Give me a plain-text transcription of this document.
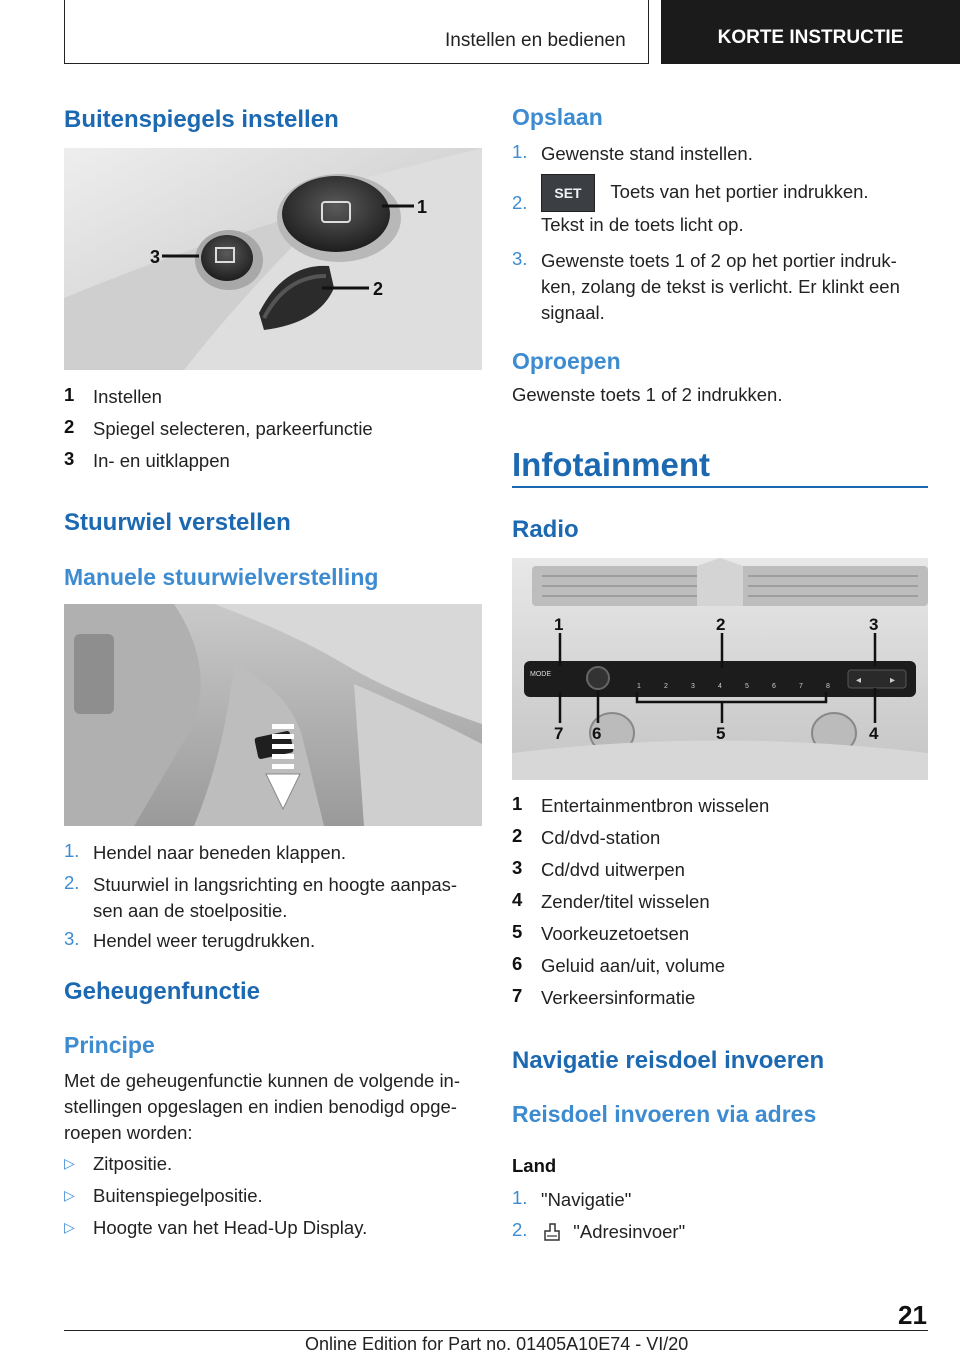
Instellen en bedienen	KORTE INSTRUCTIE
Buitenspiegels instellen
1
2
3
1 Instellen
2 Spiegel selecteren, parkeerfunctie
3 In- en uitklappen
Stuurwiel verstellen
Manuele stuurwielverstelling
1. Hendel naar beneden klappen.
2. Stuurwiel in langsrichting en hoogte aanpas-sen aan de stoelpositie.
3. Hendel weer terugdrukken.
Geheugenfunctie
Principe
Met de geheugenfunctie kunnen de volgende in-stellingen opgeslagen en indien benodigd opge-roepen worden:
▷ Zitpositie.
▷ Buitenspiegelpositie.
▷ Hoogte van het Head-Up Display.
Opslaan
1. Gewenste stand instellen.
2.	SET Toets van het portier indrukken.
Tekst in de toets licht op.
3. Gewenste toets 1 of 2 op het portier indruk-ken, zolang de tekst is verlicht. Er klinkt een signaal.
Oproepen
Gewenste toets 1 of 2 indrukken.
Infotainment
Radio
MODE
1	2	3	4	5	6	7	8
◂	▸
1	2	3
4
5
6
7
1 Entertainmentbron wisselen
2 Cd/dvd-station
3 Cd/dvd uitwerpen
4 Zender/titel wisselen
5 Voorkeuzetoetsen
6 Geluid aan/uit, volume
7 Verkeersinformatie
Navigatie reisdoel invoeren
Reisdoel invoeren via adres
Land
1. "Navigatie"
2.	"Adresinvoer"
21
Online Edition for Part no. 01405A10E74 - VI/20
